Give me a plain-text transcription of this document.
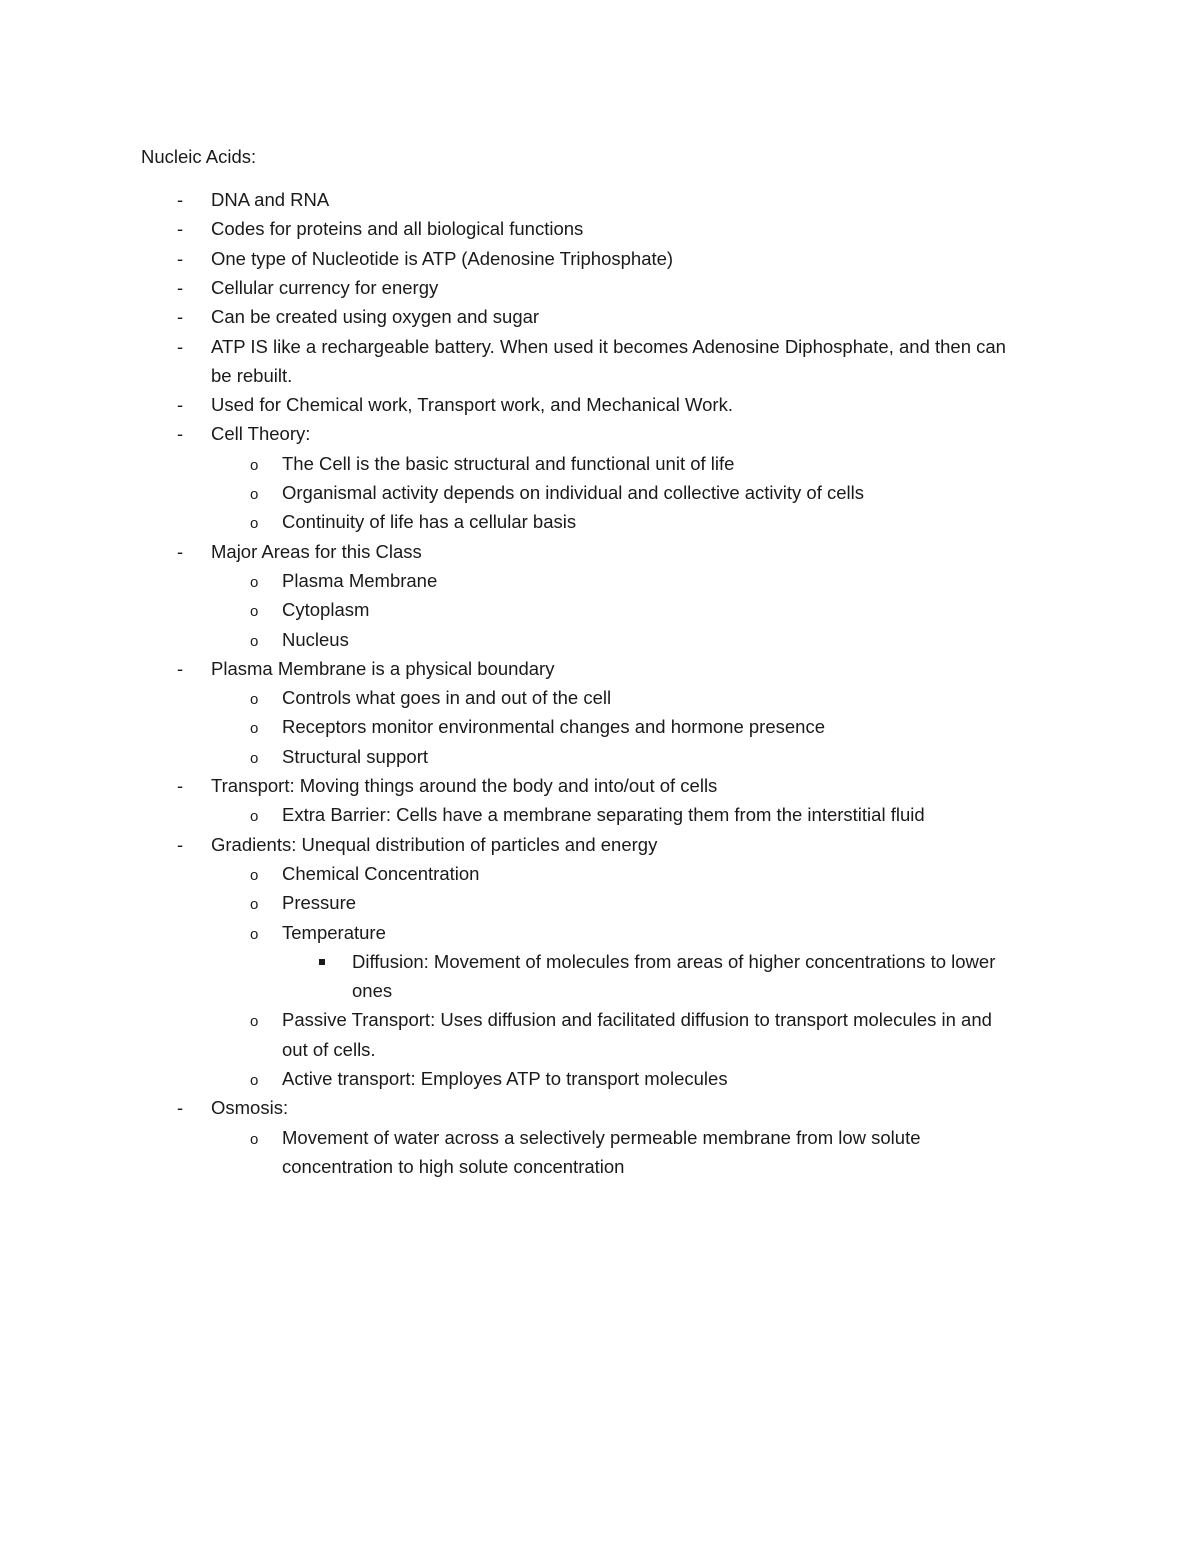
Nucleic Acids:
- DNA and RNA
- Codes for proteins and all biological functions
- One type of Nucleotide is ATP (Adenosine Triphosphate)
- Cellular currency for energy
- Can be created using oxygen and sugar
- ATP IS like a rechargeable battery. When used it becomes Adenosine Diphosphate, and then can
be rebuilt.
- Used for Chemical work, Transport work, and Mechanical Work.
- Cell Theory:
o The Cell is the basic structural and functional unit of life
o Organismal activity depends on individual and collective activity of cells
o Continuity of life has a cellular basis
- Major Areas for this Class
o Plasma Membrane
o Cytoplasm
o Nucleus
- Plasma Membrane is a physical boundary
o Controls what goes in and out of the cell
o Receptors monitor environmental changes and hormone presence
o Structural support
- Transport: Moving things around the body and into/out of cells
o Extra Barrier: Cells have a membrane separating them from the interstitial fluid
- Gradients: Unequal distribution of particles and energy
o Chemical Concentration
o Pressure
o Temperature
Diffusion: Movement of molecules from areas of higher concentrations to lower
ones
o Passive Transport: Uses diffusion and facilitated diffusion to transport molecules in and
out of cells.
o Active transport: Employes ATP to transport molecules
- Osmosis:
o Movement of water across a selectively permeable membrane from low solute
concentration to high solute concentration
